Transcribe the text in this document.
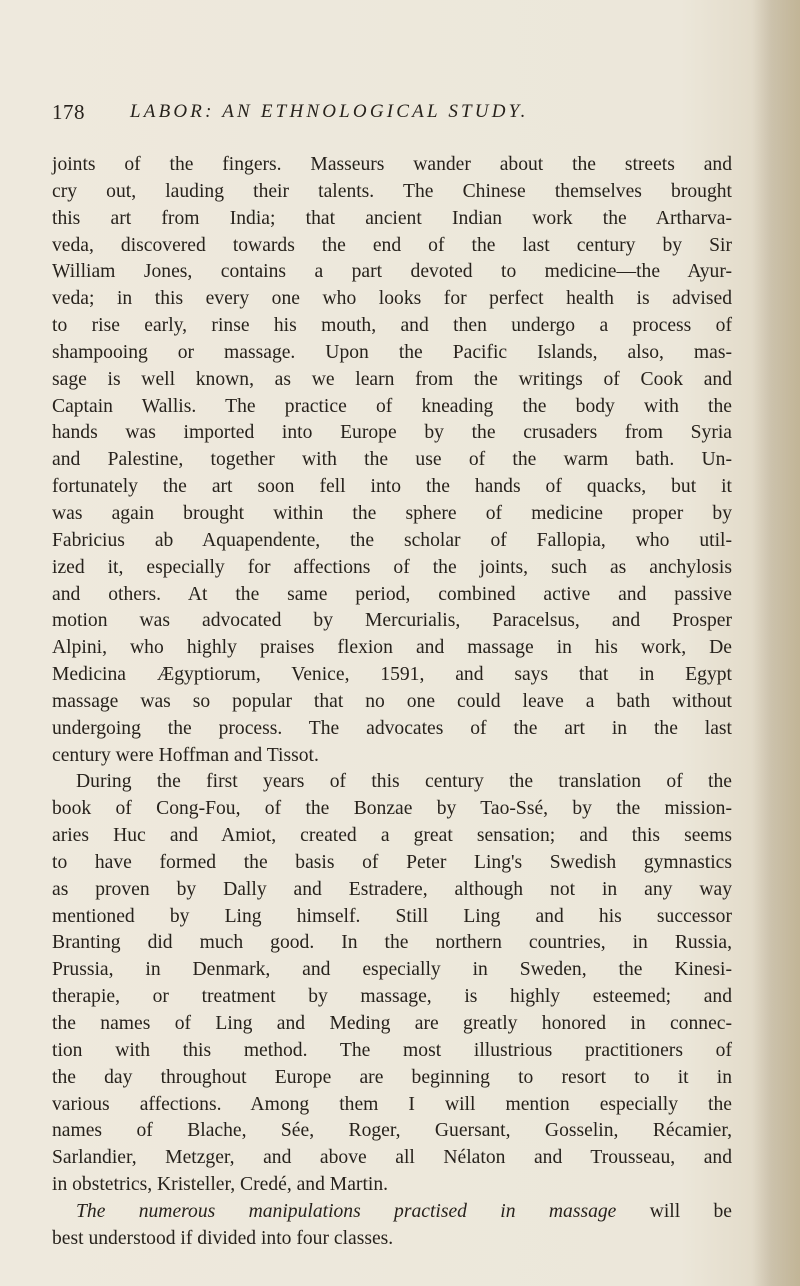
178 LABOR: AN ETHNOLOGICAL STUDY.
joints of the fingers. Masseurs wander about the streets and
cry out, lauding their talents. The Chinese themselves brought
this art from India; that ancient Indian work the Artharva-
veda, discovered towards the end of the last century by Sir
William Jones, contains a part devoted to medicine—the Ayur-
veda; in this every one who looks for perfect health is advised
to rise early, rinse his mouth, and then undergo a process of
shampooing or massage. Upon the Pacific Islands, also, mas-
sage is well known, as we learn from the writings of Cook and
Captain Wallis. The practice of kneading the body with the
hands was imported into Europe by the crusaders from Syria
and Palestine, together with the use of the warm bath. Un-
fortunately the art soon fell into the hands of quacks, but it
was again brought within the sphere of medicine proper by
Fabricius ab Aquapendente, the scholar of Fallopia, who util-
ized it, especially for affections of the joints, such as anchylosis
and others. At the same period, combined active and passive
motion was advocated by Mercurialis, Paracelsus, and Prosper
Alpini, who highly praises flexion and massage in his work, De
Medicina Ægyptiorum, Venice, 1591, and says that in Egypt
massage was so popular that no one could leave a bath without
undergoing the process. The advocates of the art in the last
century were Hoffman and Tissot.
During the first years of this century the translation of the
book of Cong-Fou, of the Bonzae by Tao-Ssé, by the mission-
aries Huc and Amiot, created a great sensation; and this seems
to have formed the basis of Peter Ling's Swedish gymnastics
as proven by Dally and Estradere, although not in any way
mentioned by Ling himself. Still Ling and his successor
Branting did much good. In the northern countries, in Russia,
Prussia, in Denmark, and especially in Sweden, the Kinesi-
therapie, or treatment by massage, is highly esteemed; and
the names of Ling and Meding are greatly honored in connec-
tion with this method. The most illustrious practitioners of
the day throughout Europe are beginning to resort to it in
various affections. Among them I will mention especially the
names of Blache, Sée, Roger, Guersant, Gosselin, Récamier,
Sarlandier, Metzger, and above all Nélaton and Trousseau, and
in obstetrics, Kristeller, Credé, and Martin.
The numerous manipulations practised in massage will be
best understood if divided into four classes.
